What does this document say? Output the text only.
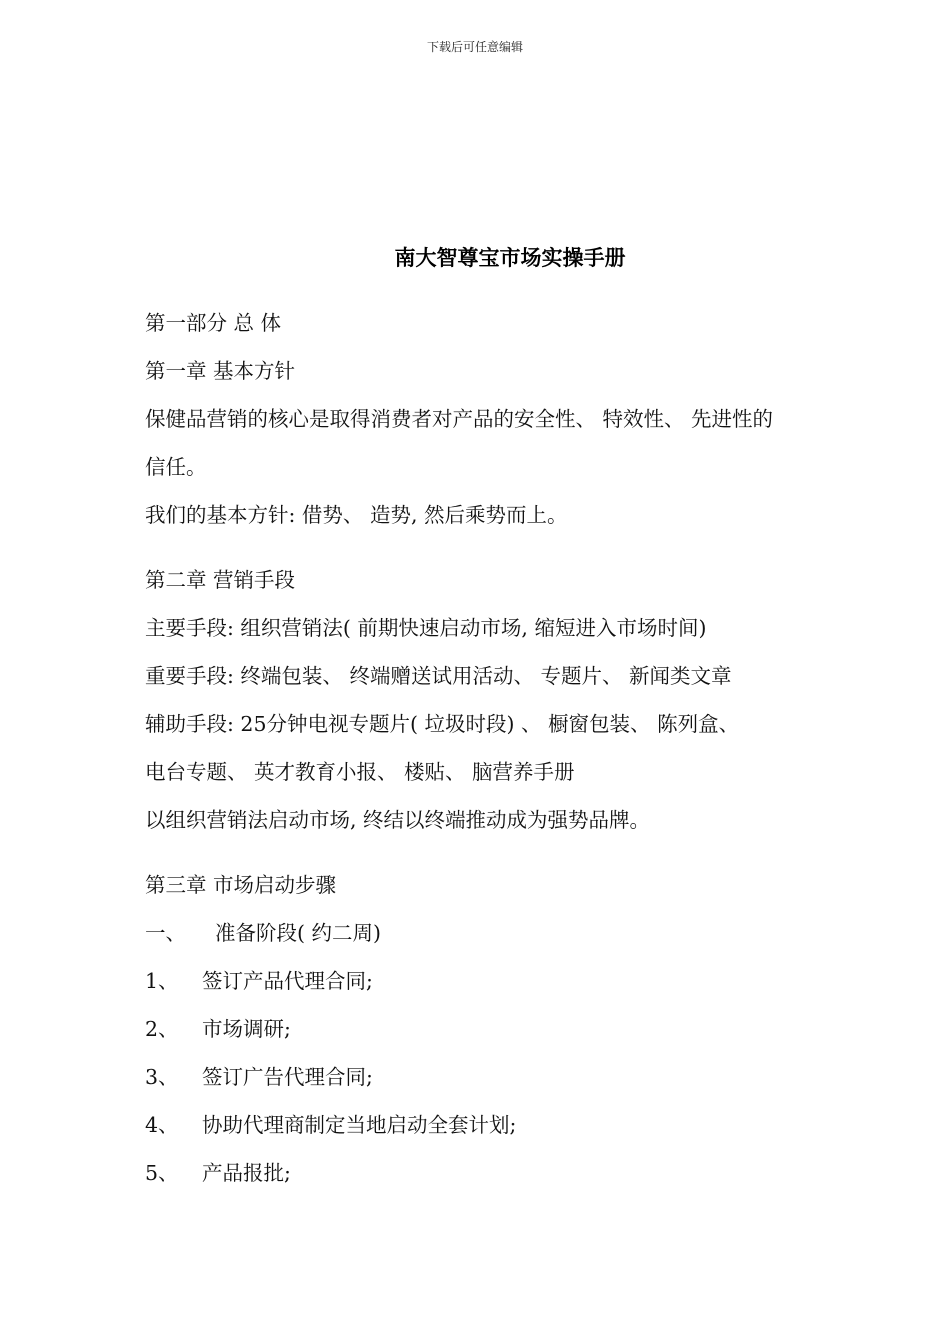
下载后可任意编辑
南大智尊宝市场实操手册
第一部分 总 体
第一章 基本方针
保健品营销的核心是取得消费者对产品的安全性、 特效性、 先进性的
信任。
我们的基本方针: 借势、 造势, 然后乘势而上。
第二章 营销手段
主要手段: 组织营销法( 前期快速启动市场, 缩短进入市场时间)
重要手段: 终端包装、 终端赠送试用活动、 专题片、 新闻类文章
辅助手段: 25分钟电视专题片( 垃圾时段) 、 橱窗包装、 陈列盒、
电台专题、 英才教育小报、 楼贴、 脑营养手册
以组织营销法启动市场, 终结以终端推动成为强势品牌。
第三章 市场启动步骤
一、 准备阶段( 约二周)
1、 签订产品代理合同;
2、 市场调研;
3、 签订广告代理合同;
4、 协助代理商制定当地启动全套计划;
5、 产品报批;
